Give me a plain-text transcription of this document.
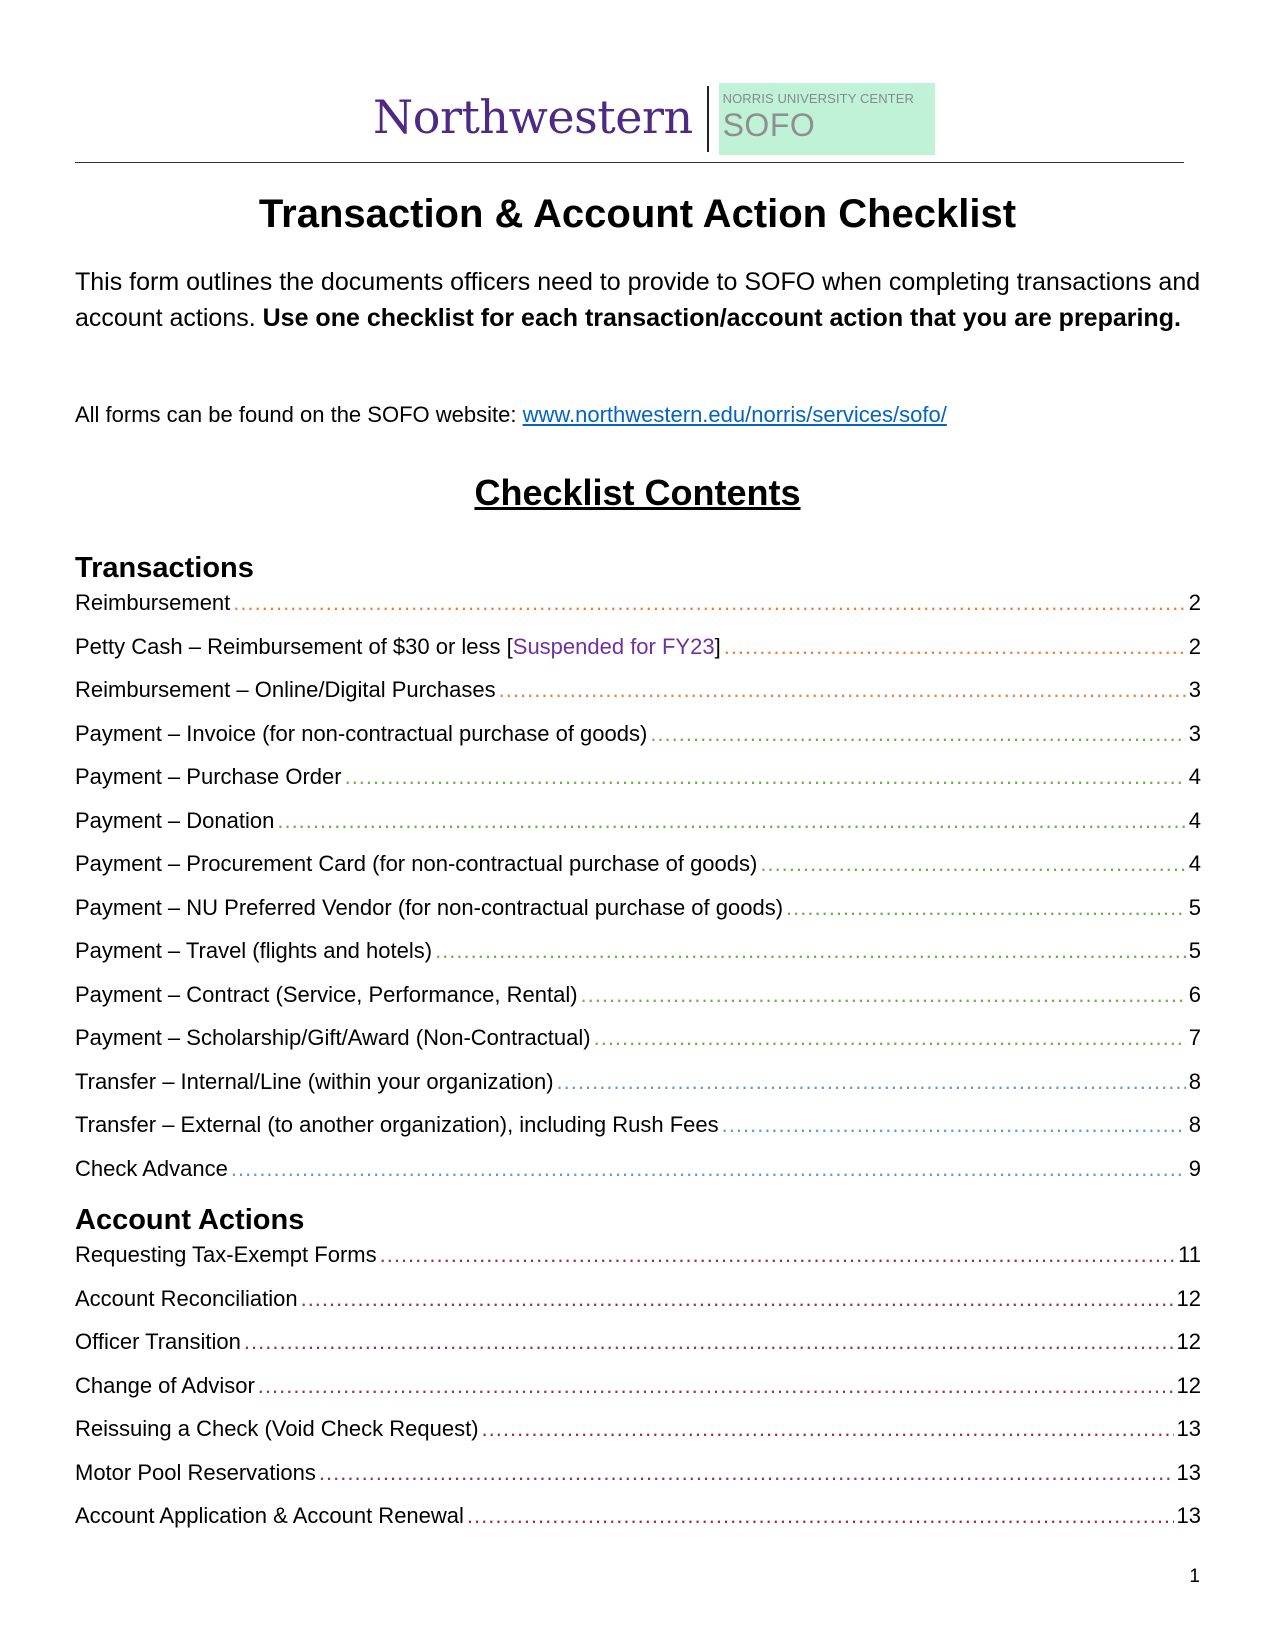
Northwestern NORRIS UNIVERSITY CENTER
SOFO
Transaction & Account Action Checklist

This form outlines the documents officers need to provide to SOFO when completing transactions and account actions. Use one checklist for each transaction/account action that you are preparing.

All forms can be found on the SOFO website: www.northwestern.edu/norris/services/sofo/

Checklist Contents
Transactions
Reimbursement .....	2
Petty Cash – Reimbursement of $30 or less [Suspended for FY23] .....	2
Reimbursement – Online/Digital Purchases .....	3
Payment – Invoice (for non-contractual purchase of goods) .....	3
Payment – Purchase Order .....	4
Payment – Donation .....	4
Payment – Procurement Card (for non-contractual purchase of goods) .....	4
Payment – NU Preferred Vendor (for non-contractual purchase of goods) .....	5
Payment – Travel (flights and hotels) .....	5
Payment – Contract (Service, Performance, Rental) .....	6
Payment – Scholarship/Gift/Award (Non-Contractual) .....	7
Transfer – Internal/Line (within your organization) .....	8
Transfer – External (to another organization), including Rush Fees .....	8
Check Advance .....	9
Account Actions
Requesting Tax-Exempt Forms .....	11
Account Reconciliation .....	12
Officer Transition .....	12
Change of Advisor .....	12
Reissuing a Check (Void Check Request) .....	13
Motor Pool Reservations .....	13
Account Application & Account Renewal .....	13
1
